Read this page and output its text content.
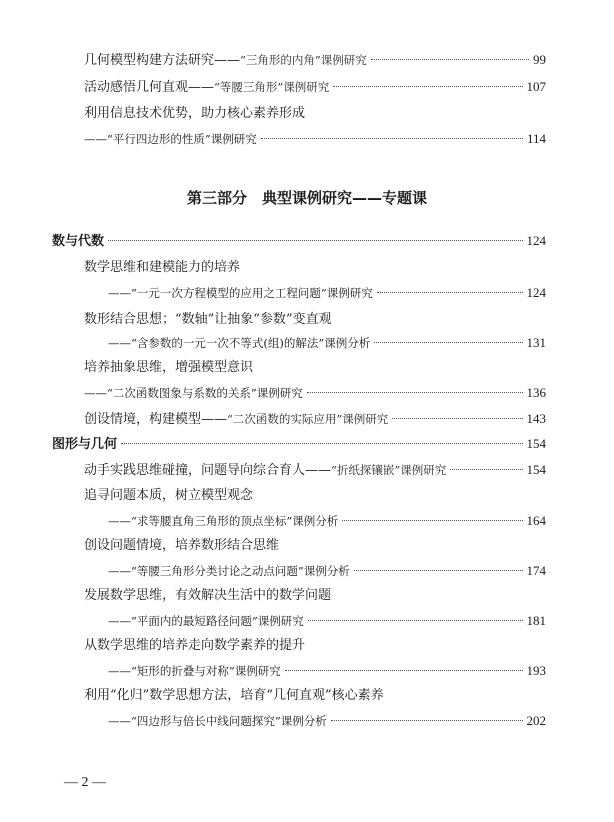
几何模型构建方法研究——“三角形的内角”课例研究	99
活动感悟几何直观——“等腰三角形”课例研究	107
利用信息技术优势，助力核心素养形成
——“平行四边形的性质”课例研究	114
第三部分　典型课例研究——专题课
数与代数	124
数学思维和建模能力的培养
——“一元一次方程模型的应用之工程问题”课例研究	124
数形结合思想；“数轴”让抽象“参数”变直观
——“含参数的一元一次不等式(组)的解法”课例分析	131
培养抽象思维，增强模型意识
——“二次函数图象与系数的关系”课例研究	136
创设情境，构建模型——“二次函数的实际应用”课例研究	143
图形与几何	154
动手实践思维碰撞，问题导向综合育人——“折纸探镶嵌”课例研究	154
追寻问题本质，树立模型观念
——“求等腰直角三角形的顶点坐标”课例分析	164
创设问题情境，培养数形结合思维
——“等腰三角形分类讨论之动点问题”课例分析	174
发展数学思维，有效解决生活中的数学问题
——“平面内的最短路径问题”课例研究	181
从数学思维的培养走向数学素养的提升
——“矩形的折叠与对称”课例研究	193
利用“化归”数学思想方法，培育“几何直观”核心素养
——“四边形与倍长中线问题探究”课例分析	202
— 2 —
